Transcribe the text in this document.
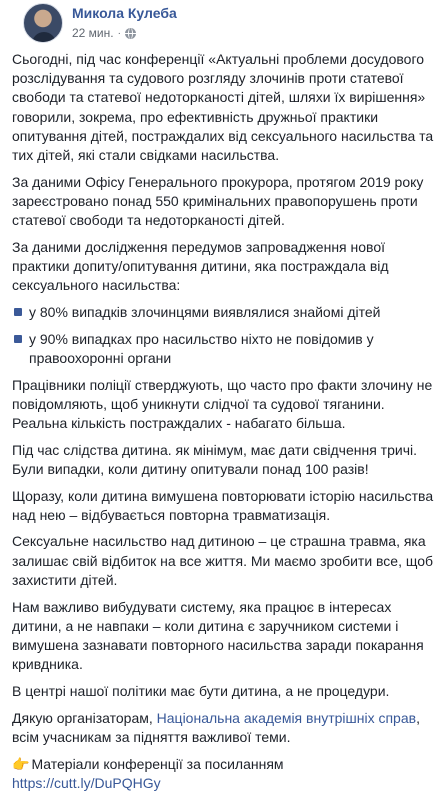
Микола Кулеба
22 мин. ·

Сьогодні, під час конференції «Актуальні проблеми досудового розслідування та судового розгляду злочинів проти статевої свободи та статевої недоторканості дітей, шляхи їх вирішення» говорили, зокрема, про ефективність дружньої практики опитування дітей, постраждалих від сексуального насильства та тих дітей, які стали свідками насильства.

За даними Офісу Генерального прокурора, протягом 2019 року зареєстровано понад 550 кримінальних правопорушень проти статевої свободи та недоторканості дітей.

За даними дослідження передумов запровадження нової практики допиту/опитування дитини, яка постраждала від сексуального насильства:

у 80% випадків злочинцями виявлялися знайомі дітей
у 90% випадках про насильство ніхто не повідомив у правоохоронні органи

Працівники поліції стверджують, що часто про факти злочину не повідомляють, щоб уникнути слідчої та судової тяганини.

Реальна кількість постраждалих - набагато більша.

Під час слідства дитина. як мінімум, має дати свідчення тричі. Були випадки, коли дитину опитували понад 100 разів!

Щоразу, коли дитина вимушена повторювати історію насильства над нею – відбувається повторна травматизація.

Сексуальне насильство над дитиною – це страшна травма, яка залишає свій відбиток на все життя. Ми маємо зробити все, щоб захистити дітей.

Нам важливо вибудувати систему, яка працює в інтересах дитини, а не навпаки – коли дитина є заручником системи і вимушена зазнавати повторного насильства заради покарання кривдника.

В центрі нашої політики має бути дитина, а не процедури.

Дякую організаторам, Національна академія внутрішніх справ, всім учасникам за підняття важливої теми.

👉 Матеріали конференції за посиланням https://cutt.ly/DuPQHGy
